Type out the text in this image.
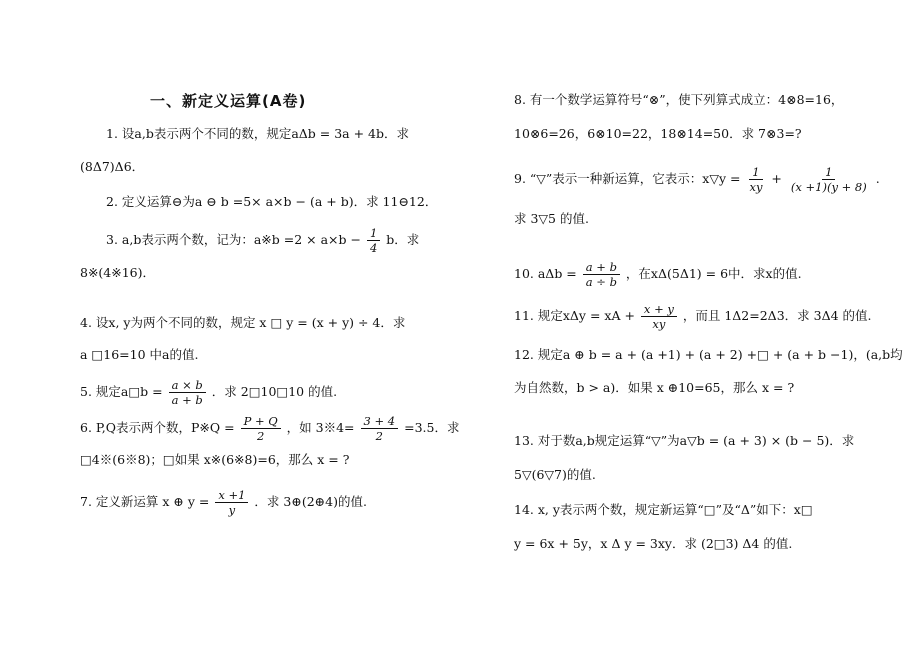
一、新定义运算(A卷)
1. 设a,b表示两个不同的数，规定aΔb = 3a + 4b．求
(8Δ7)Δ6．
2. 定义运算⊖为a ⊖ b =5× a×b − (a + b)．求 11⊖12．
3. a,b表示两个数，记为：a※b $=2 \times a\times b - \frac{1}{4}$ b．求
8※(4※16)．
4. 设x, y为两个不同的数，规定 x □ y = (x + y) ÷ 4．求
a □16=10 中a的值.
5. 规定a□b = $\frac{a \times b}{a + b}$ ．求 2□10□10 的值.
6. P,Q表示两个数，P※Q = $\frac{P + Q}{2}$ ，如 3※4= $\frac{3 + 4}{2} =3.5$．求
□4※(6※8)；□如果 x※(6※8)=6，那么 x = ?
7. 定义新运算 x ⊕ $y = \frac{x +1}{y}$ ．求 3⊕(2⊕4)的值.
8. 有一个数学运算符号“⊗”，使下列算式成立：4⊗8=16，
10⊗6=26，6⊗10=22，18⊗14=50．求 7⊗3=?
9. “▽”表示一种新运算，它表示：x▽y = $\frac{1}{xy} + \frac{1}{(x +1)(y + 8)}$ .
求 3▽5 的值.
10. $a\Delta b = \frac{a + b}{a \div b}$ ，在xΔ(5Δ1) = 6中．求x的值.
11. 规定xΔy = xA + $\frac{x + y}{xy}$ ，而且 1Δ2=2Δ3．求 3Δ4 的值.
12. 规定a ⊕ b = a + (a +1) + (a + 2) +□ + (a + b −1)，(a,b均
为自然数，b > a)．如果 x ⊕10=65，那么 x = ?
13. 对于数a,b规定运算“▽”为a▽b = (a + 3) × (b − 5)．求
5▽(6▽7)的值.
14. x, y表示两个数，规定新运算“□”及“Δ”如下：x□
y = 6x + 5y，x Δ y = 3xy．求 (2□3) Δ4 的值.
